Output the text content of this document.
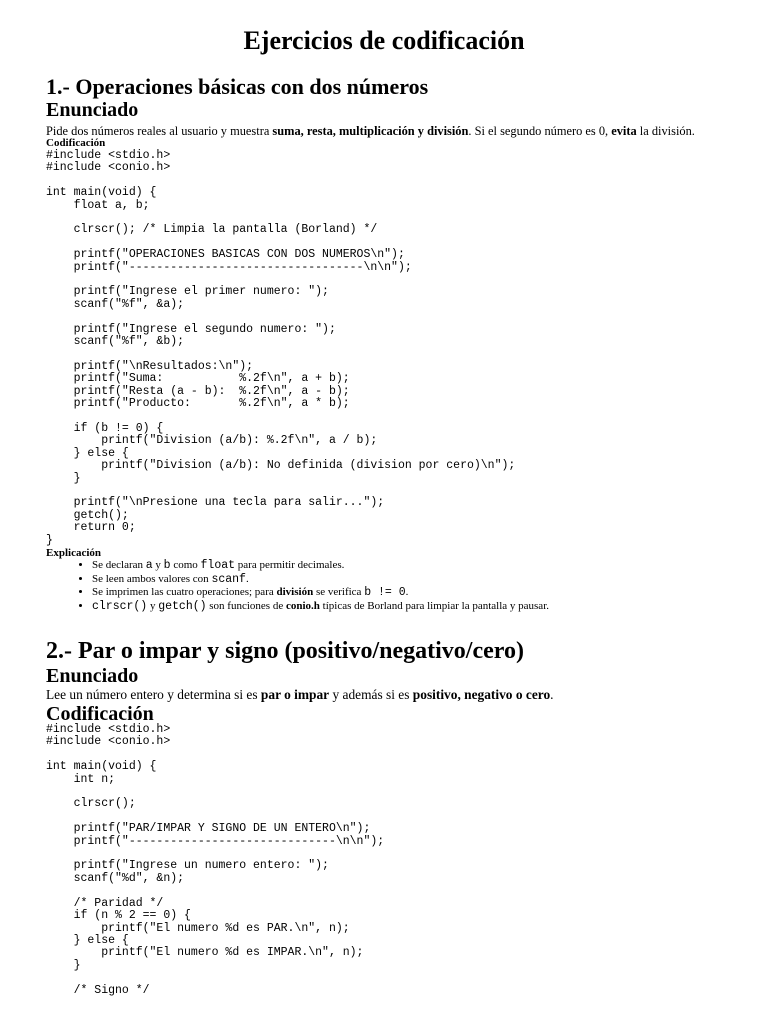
Ejercicios de codificación
1.- Operaciones básicas con dos números
Enunciado

Pide dos números reales al usuario y muestra suma, resta, multiplicación y división. Si el segundo número es 0, evita la división.

Codificación
#include <stdio.h>
#include <conio.h>

int main(void) {
float a, b;

clrscr(); /* Limpia la pantalla (Borland) */

printf("OPERACIONES BASICAS CON DOS NUMEROS\n");
printf("----------------------------------\n\n");

printf("Ingrese el primer numero: ");
scanf("%f", &a);

printf("Ingrese el segundo numero: ");
scanf("%f", &b);

printf("\nResultados:\n");
printf("Suma:           %.2f\n", a + b);
printf("Resta (a - b):  %.2f\n", a - b);
printf("Producto:       %.2f\n", a * b);

if (b != 0) {
printf("Division (a/b): %.2f\n", a / b);
} else {
printf("Division (a/b): No definida (division por cero)\n");
}

printf("\nPresione una tecla para salir...");
getch();
return 0;
}
Explicación
• Se declaran a y b como float para permitir decimales.
• Se leen ambos valores con scanf.
• Se imprimen las cuatro operaciones; para división se verifica b != 0.
• clrscr() y getch() son funciones de conio.h típicas de Borland para limpiar la pantalla y pausar.
2.- Par o impar y signo (positivo/negativo/cero)
Enunciado

Lee un número entero y determina si es par o impar y además si es positivo, negativo o cero.

Codificación
#include <stdio.h>
#include <conio.h>

int main(void) {
int n;

clrscr();

printf("PAR/IMPAR Y SIGNO DE UN ENTERO\n");
printf("------------------------------\n\n");

printf("Ingrese un numero entero: ");
scanf("%d", &n);

/* Paridad */
if (n % 2 == 0) {
printf("El numero %d es PAR.\n", n);
} else {
printf("El numero %d es IMPAR.\n", n);
}

/* Signo */
